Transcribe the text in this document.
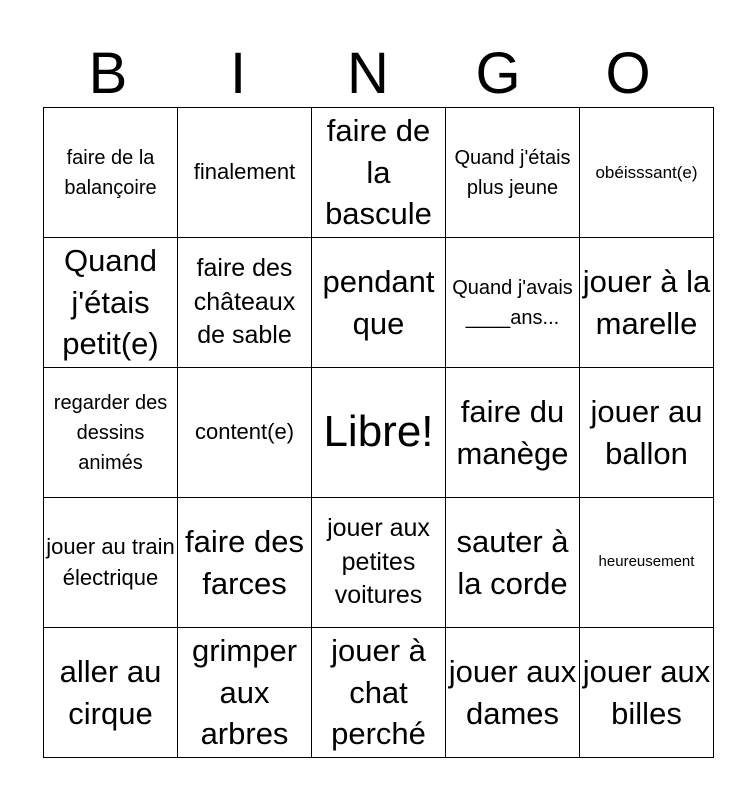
B	I	N	G	O
faire de la balançoire	finalement	faire de la bascule	Quand j'étais plus jeune	obéisssant(e)
Quand j'étais petit(e)	faire des châteaux de sable	pendant que	Quand j'avais ____ans...	jouer à la marelle
regarder des dessins animés	content(e)	Libre!	faire du manège	jouer au ballon
jouer au train électrique	faire des farces	jouer aux petites voitures	sauter à la corde	heureusement
aller au cirque	grimper aux arbres	jouer à chat perché	jouer aux dames	jouer aux billes
